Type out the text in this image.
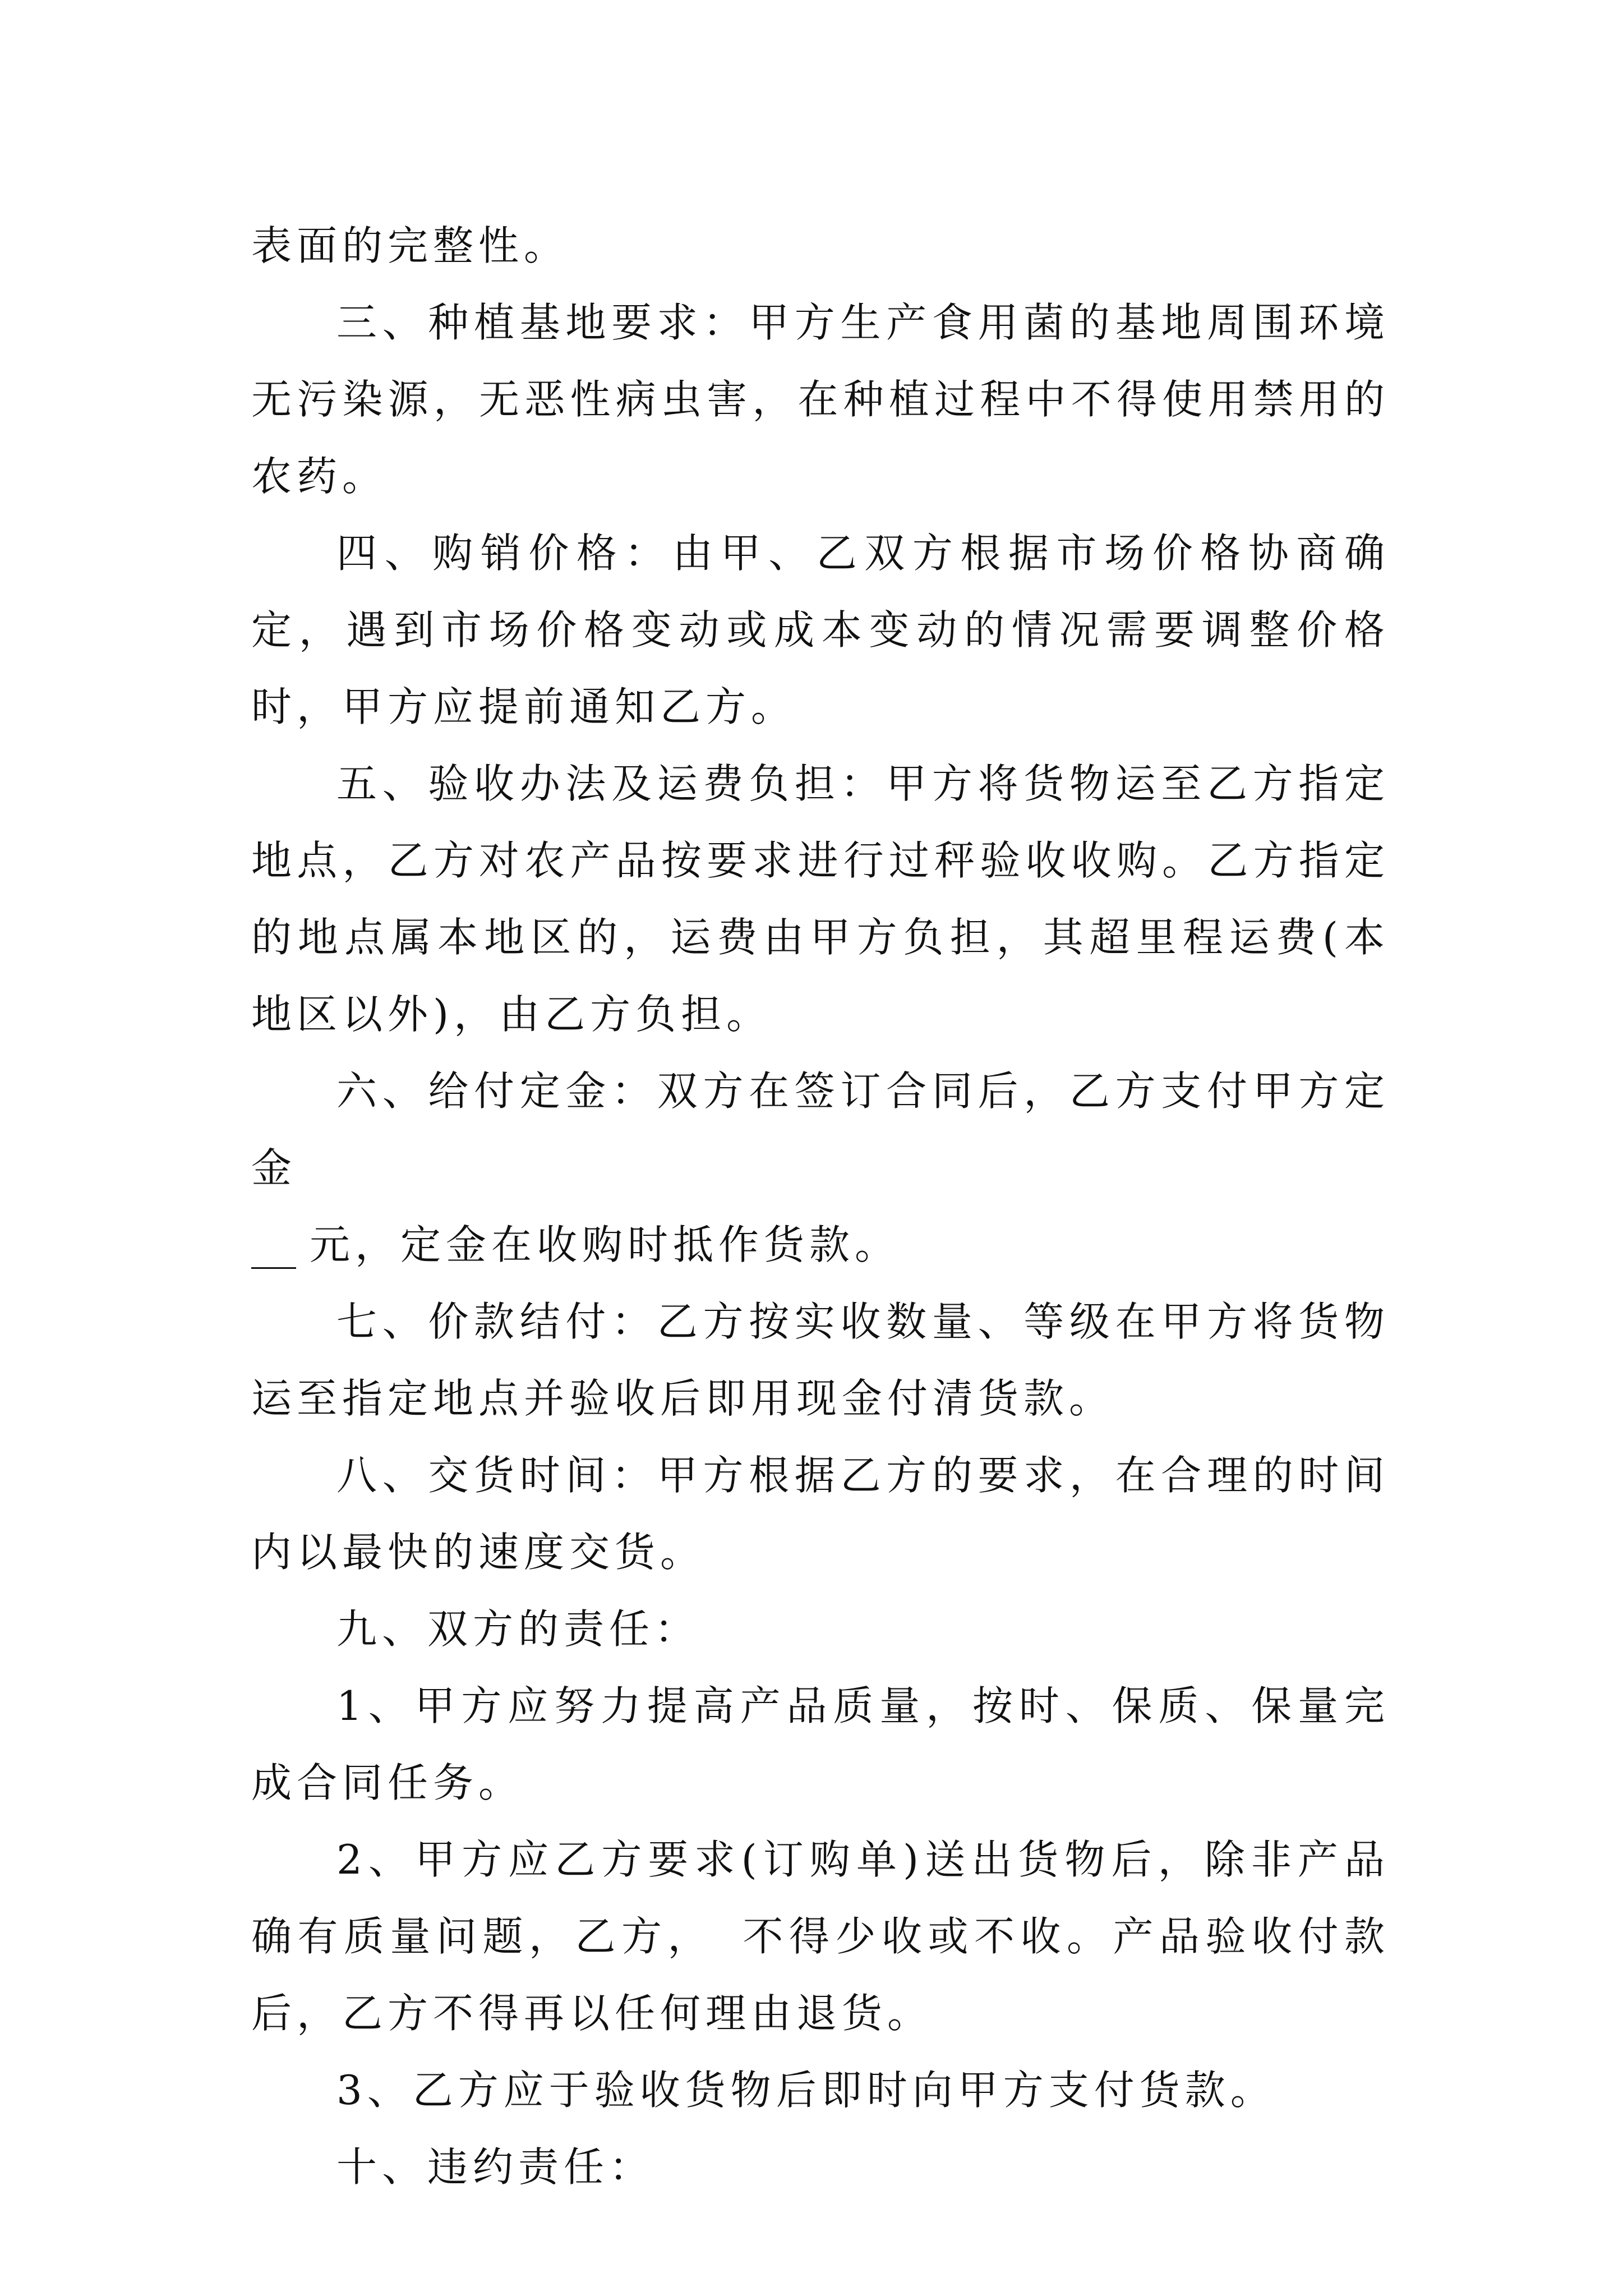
表面的完整性。

三、种植基地要求：甲方生产食用菌的基地周围环境无污染源，无恶性病虫害，在种植过程中不得使用禁用的农药。

四、购销价格：由甲、乙双方根据市场价格协商确定，遇到市场价格变动或成本变动的情况需要调整价格时，甲方应提前通知乙方。

五、验收办法及运费负担：甲方将货物运至乙方指定地点，乙方对农产品按要求进行过秤验收收购。乙方指定的地点属本地区的，运费由甲方负担，其超里程运费(本地区以外)，由乙方负担。

六、给付定金：双方在签订合同后，乙方支付甲方定金
元，定金在收购时抵作货款。

七、价款结付：乙方按实收数量、等级在甲方将货物运至指定地点并验收后即用现金付清货款。

八、交货时间：甲方根据乙方的要求，在合理的时间内以最快的速度交货。

九、双方的责任：

1、甲方应努力提高产品质量，按时、保质、保量完成合同任务。

2、甲方应乙方要求(订购单)送出货物后，除非产品确有质量问题，乙方， 不得少收或不收。产品验收付款后，乙方不得再以任何理由退货。

3、乙方应于验收货物后即时向甲方支付货款。

十、违约责任：
